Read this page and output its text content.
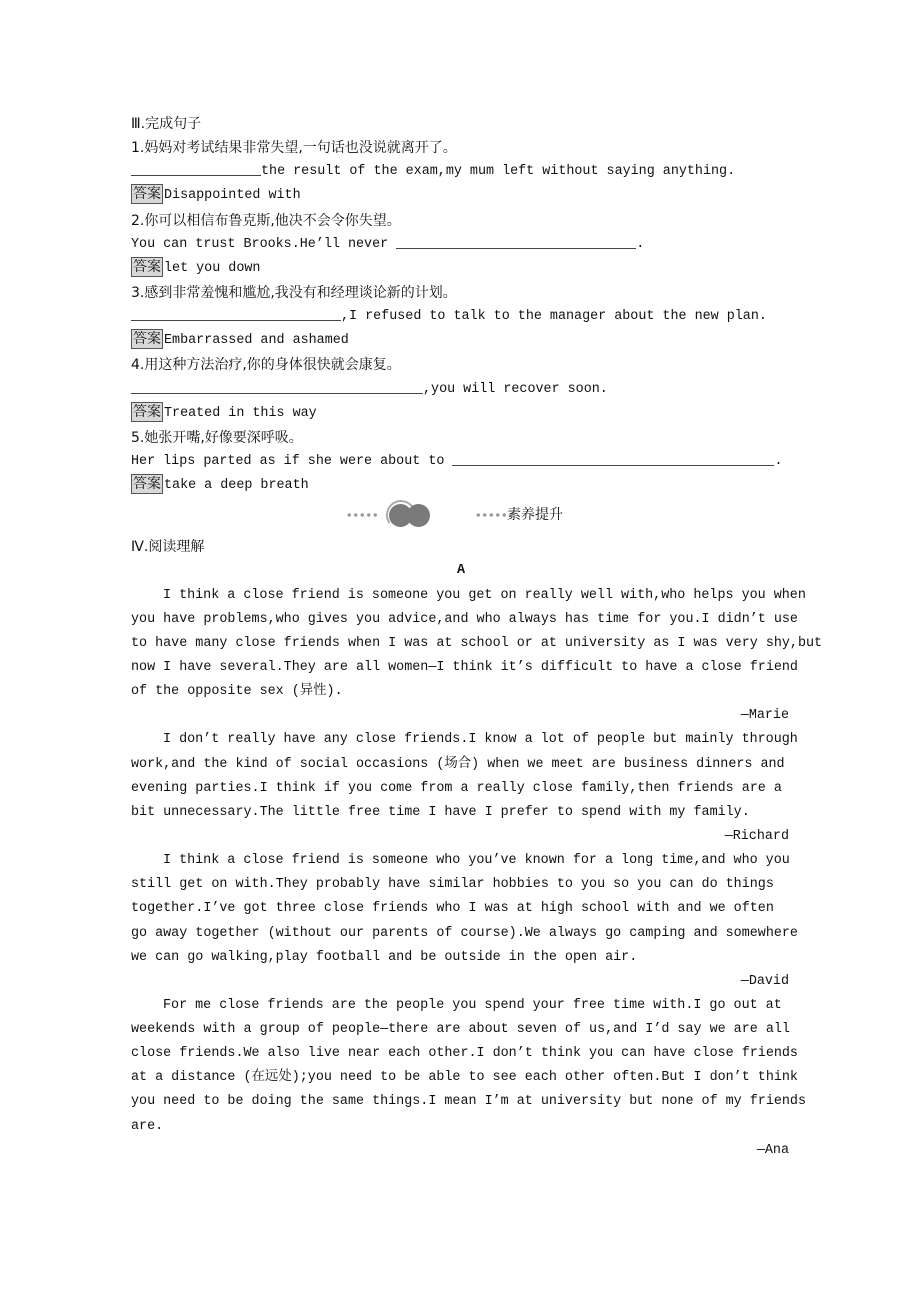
Ⅲ.完成句子
1.妈妈对考试结果非常失望,一句话也没说就离开了。
the result of the exam,my mum left without saying anything.
答案 Disappointed with
2.你可以相信布鲁克斯,他决不会令你失望。
You can trust Brooks.He’ll never	.
答案 let you down
3.感到非常羞愧和尴尬,我没有和经理谈论新的计划。
,I refused to talk to the manager about the new plan.
答案 Embarrassed and ashamed
4.用这种方法治疗,你的身体很快就会康复。
,you will recover soon.
答案 Treated in this way
5.她张开嘴,好像要深呼吸。
Her lips parted as if she were about to	.
答案 take a deep breath
素养提升
Ⅳ.阅读理解
A
I think a close friend is someone you get on really well with,who helps you when
you have problems,who gives you advice,and who always has time for you.I didn’t use
to have many close friends when I was at school or at university as I was very shy,but
now I have several.They are all women—I think it’s difficult to have a close friend
of the opposite sex (异性).
—Marie
I don’t really have any close friends.I know a lot of people but mainly through
work,and the kind of social occasions (场合) when we meet are business dinners and
evening parties.I think if you come from a really close family,then friends are a
bit unnecessary.The little free time I have I prefer to spend with my family.
—Richard
I think a close friend is someone who you’ve known for a long time,and who you
still get on with.They probably have similar hobbies to you so you can do things
together.I’ve got three close friends who I was at high school with and we often
go away together (without our parents of course).We always go camping and somewhere
we can go walking,play football and be outside in the open air.
—David
For me close friends are the people you spend your free time with.I go out at
weekends with a group of people—there are about seven of us,and I’d say we are all
close friends.We also live near each other.I don’t think you can have close friends
at a distance (在远处);you need to be able to see each other often.But I don’t think
you need to be doing the same things.I mean I’m at university but none of my friends
are.
—Ana
